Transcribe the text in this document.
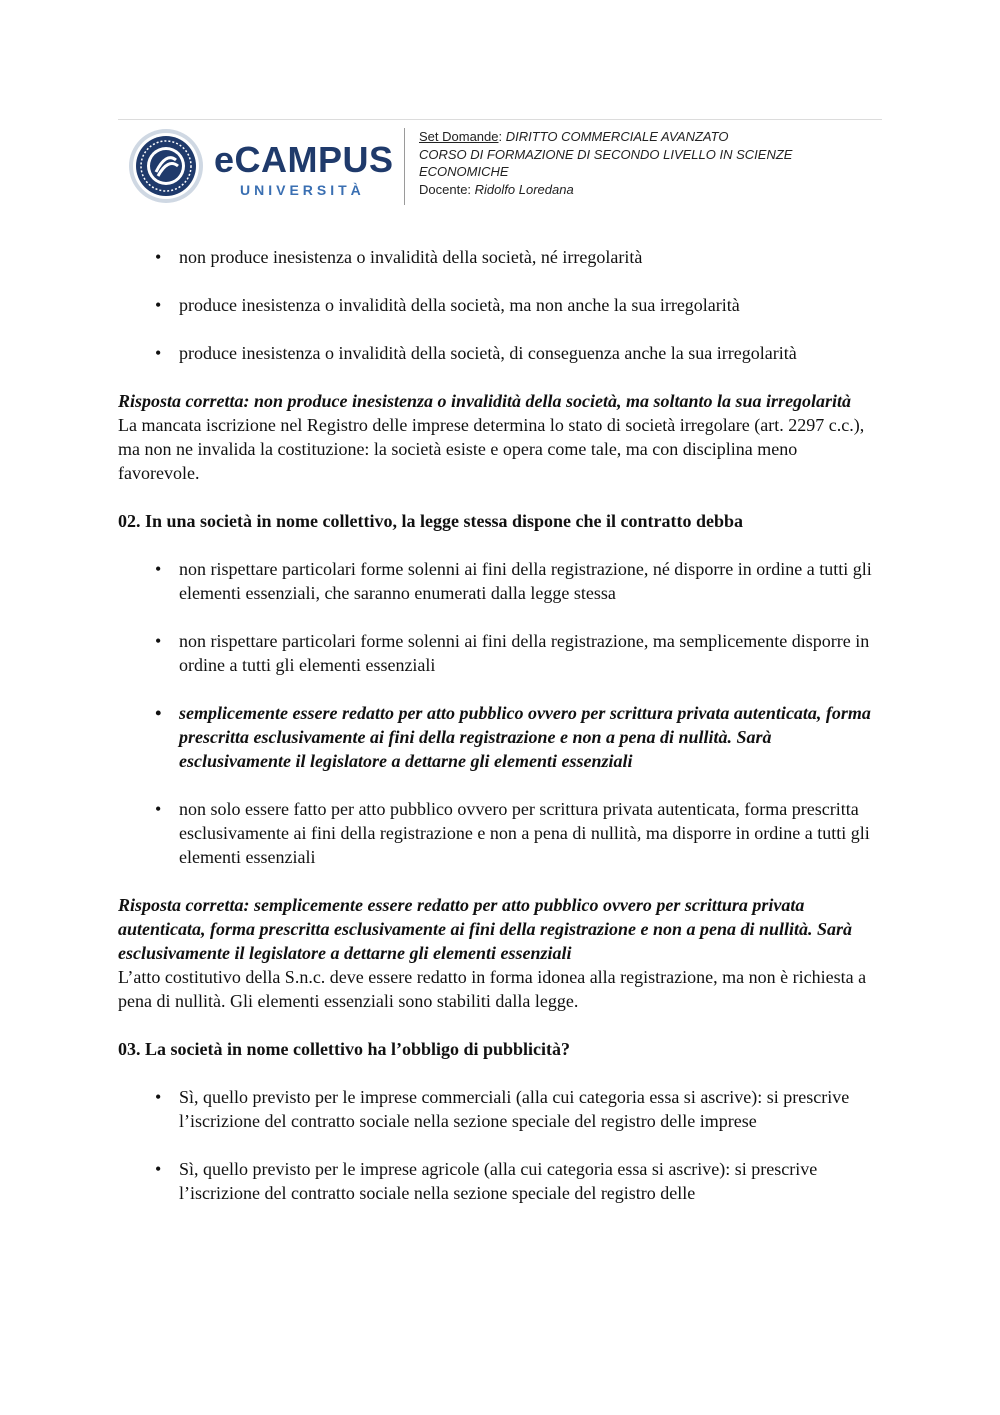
eCAMPUS
UNIVERSITÀ
Set Domande: DIRITTO COMMERCIALE AVANZATO
CORSO DI FORMAZIONE DI SECONDO LIVELLO IN SCIENZE ECONOMICHE
Docente: Ridolfo Loredana
• non produce inesistenza o invalidità della società, né irregolarità
• produce inesistenza o invalidità della società, ma non anche la sua irregolarità
• produce inesistenza o invalidità della società, di conseguenza anche la sua irregolarità

Risposta corretta: non produce inesistenza o invalidità della società, ma soltanto la sua irregolarità

La mancata iscrizione nel Registro delle imprese determina lo stato di società irregolare (art. 2297 c.c.), ma non ne invalida la costituzione: la società esiste e opera come tale, ma con disciplina meno favorevole.

02. In una società in nome collettivo, la legge stessa dispone che il contratto debba

• non rispettare particolari forme solenni ai fini della registrazione, né disporre in ordine a tutti gli elementi essenziali, che saranno enumerati dalla legge stessa
• non rispettare particolari forme solenni ai fini della registrazione, ma semplicemente disporre in ordine a tutti gli elementi essenziali
• semplicemente essere redatto per atto pubblico ovvero per scrittura privata autenticata, forma prescritta esclusivamente ai fini della registrazione e non a pena di nullità. Sarà esclusivamente il legislatore a dettarne gli elementi essenziali
• non solo essere fatto per atto pubblico ovvero per scrittura privata autenticata, forma prescritta esclusivamente ai fini della registrazione e non a pena di nullità, ma disporre in ordine a tutti gli elementi essenziali

Risposta corretta: semplicemente essere redatto per atto pubblico ovvero per scrittura privata autenticata, forma prescritta esclusivamente ai fini della registrazione e non a pena di nullità. Sarà esclusivamente il legislatore a dettarne gli elementi essenziali

L’atto costitutivo della S.n.c. deve essere redatto in forma idonea alla registrazione, ma non è richiesta a pena di nullità. Gli elementi essenziali sono stabiliti dalla legge.

03. La società in nome collettivo ha l’obbligo di pubblicità?

• Sì, quello previsto per le imprese commerciali (alla cui categoria essa si ascrive): si prescrive l’iscrizione del contratto sociale nella sezione speciale del registro delle imprese
• Sì, quello previsto per le imprese agricole (alla cui categoria essa si ascrive): si prescrive l’iscrizione del contratto sociale nella sezione speciale del registro delle
